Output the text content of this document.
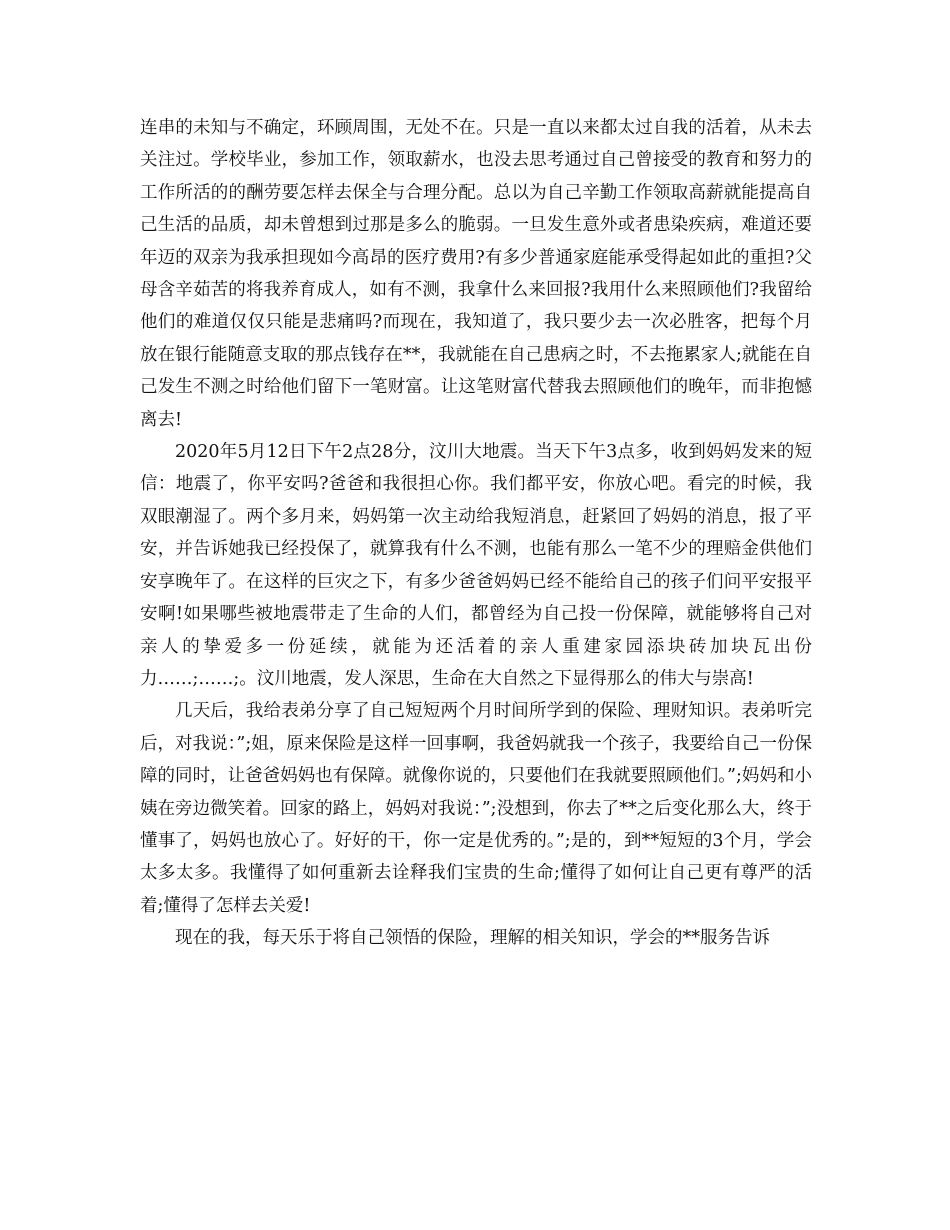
连串的未知与不确定，环顾周围，无处不在。只是一直以来都太过自我的活着，从未去关注过。学校毕业，参加工作，领取薪水，也没去思考通过自己曾接受的教育和努力的工作所活的的酬劳要怎样去保全与合理分配。总以为自己辛勤工作领取高薪就能提高自己生活的品质，却未曾想到过那是多么的脆弱。一旦发生意外或者患染疾病，难道还要年迈的双亲为我承担现如今高昂的医疗费用?有多少普通家庭能承受得起如此的重担?父母含辛茹苦的将我养育成人，如有不测，我拿什么来回报?我用什么来照顾他们?我留给他们的难道仅仅只能是悲痛吗?而现在，我知道了，我只要少去一次必胜客，把每个月放在银行能随意支取的那点钱存在**，我就能在自己患病之时，不去拖累家人;就能在自己发生不测之时给他们留下一笔财富。让这笔财富代替我去照顾他们的晚年，而非抱憾离去!

2020年5月12日下午2点28分，汶川大地震。当天下午3点多，收到妈妈发来的短信：地震了，你平安吗?爸爸和我很担心你。我们都平安，你放心吧。看完的时候，我双眼潮湿了。两个多月来，妈妈第一次主动给我短消息，赶紧回了妈妈的消息，报了平安，并告诉她我已经投保了，就算我有什么不测，也能有那么一笔不少的理赔金供他们安享晚年了。在这样的巨灾之下，有多少爸爸妈妈已经不能给自己的孩子们问平安报平安啊!如果哪些被地震带走了生命的人们，都曾经为自己投一份保障，就能够将自己对亲人的挚爱多一份延续，就能为还活着的亲人重建家园添块砖加块瓦出份力……;……;。汶川地震，发人深思，生命在大自然之下显得那么的伟大与崇高!

几天后，我给表弟分享了自己短短两个月时间所学到的保险、理财知识。表弟听完后，对我说：”;姐，原来保险是这样一回事啊，我爸妈就我一个孩子，我要给自己一份保障的同时，让爸爸妈妈也有保障。就像你说的，只要他们在我就要照顾他们。”;妈妈和小姨在旁边微笑着。回家的路上，妈妈对我说：”;没想到，你去了**之后变化那么大，终于懂事了，妈妈也放心了。好好的干，你一定是优秀的。”;是的，到**短短的3个月，学会太多太多。我懂得了如何重新去诠释我们宝贵的生命;懂得了如何让自己更有尊严的活着;懂得了怎样去关爱!

现在的我，每天乐于将自己领悟的保险，理解的相关知识，学会的**服务告诉
